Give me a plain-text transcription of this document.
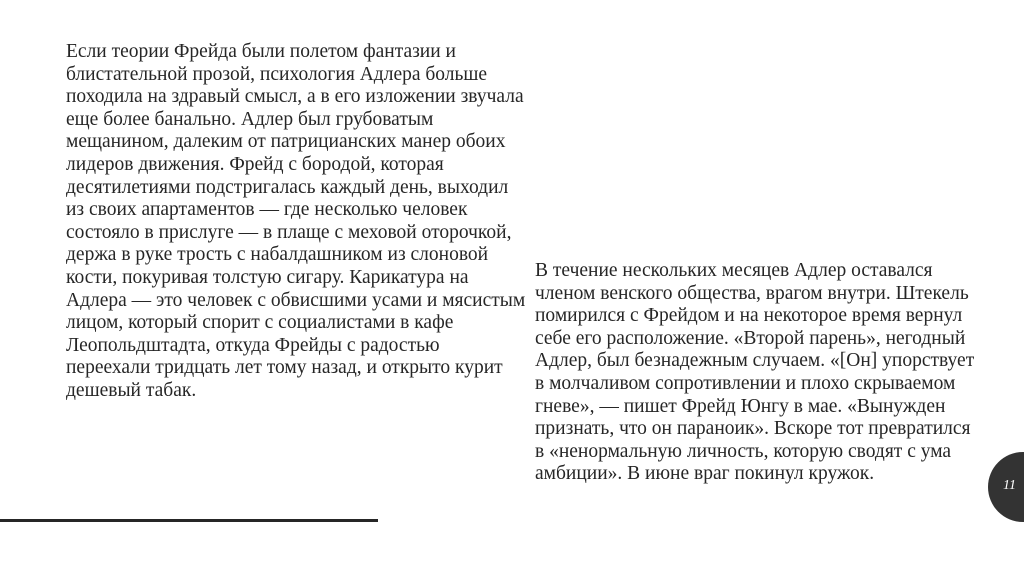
Если теории Фрейда были полетом фантазии и блистательной прозой, психология Адлера больше походила на здравый смысл, а в его изложении звучала еще более банально. Адлер был грубоватым мещанином, далеким от патрицианских манер обоих лидеров движения. Фрейд с бородой, которая десятилетиями подстригалась каждый день, выходил из своих апартаментов — где несколько человек состояло в прислуге — в плаще с меховой оторочкой, держа в руке трость с набалдашником из слоновой кости, покуривая толстую сигару. Карикатура на Адлера — это человек с обвисшими усами и мясистым лицом, который спорит с социалистами в кафе Леопольдштадта, откуда Фрейды с радостью переехали тридцать лет тому назад, и открыто курит дешевый табак.

В течение нескольких месяцев Адлер оставался членом венского общества, врагом внутри. Штекель помирился с Фрейдом и на некоторое время вернул себе его расположение. «Второй парень», негодный Адлер, был безнадежным случаем. «[Он] упорствует в молчаливом сопротивлении и плохо скрываемом гневе», — пишет Фрейд Юнгу в мае. «Вынужден признать, что он параноик». Вскоре тот превратился в «ненормальную личность, которую сводят с ума амбиции». В июне враг покинул кружок.

11
